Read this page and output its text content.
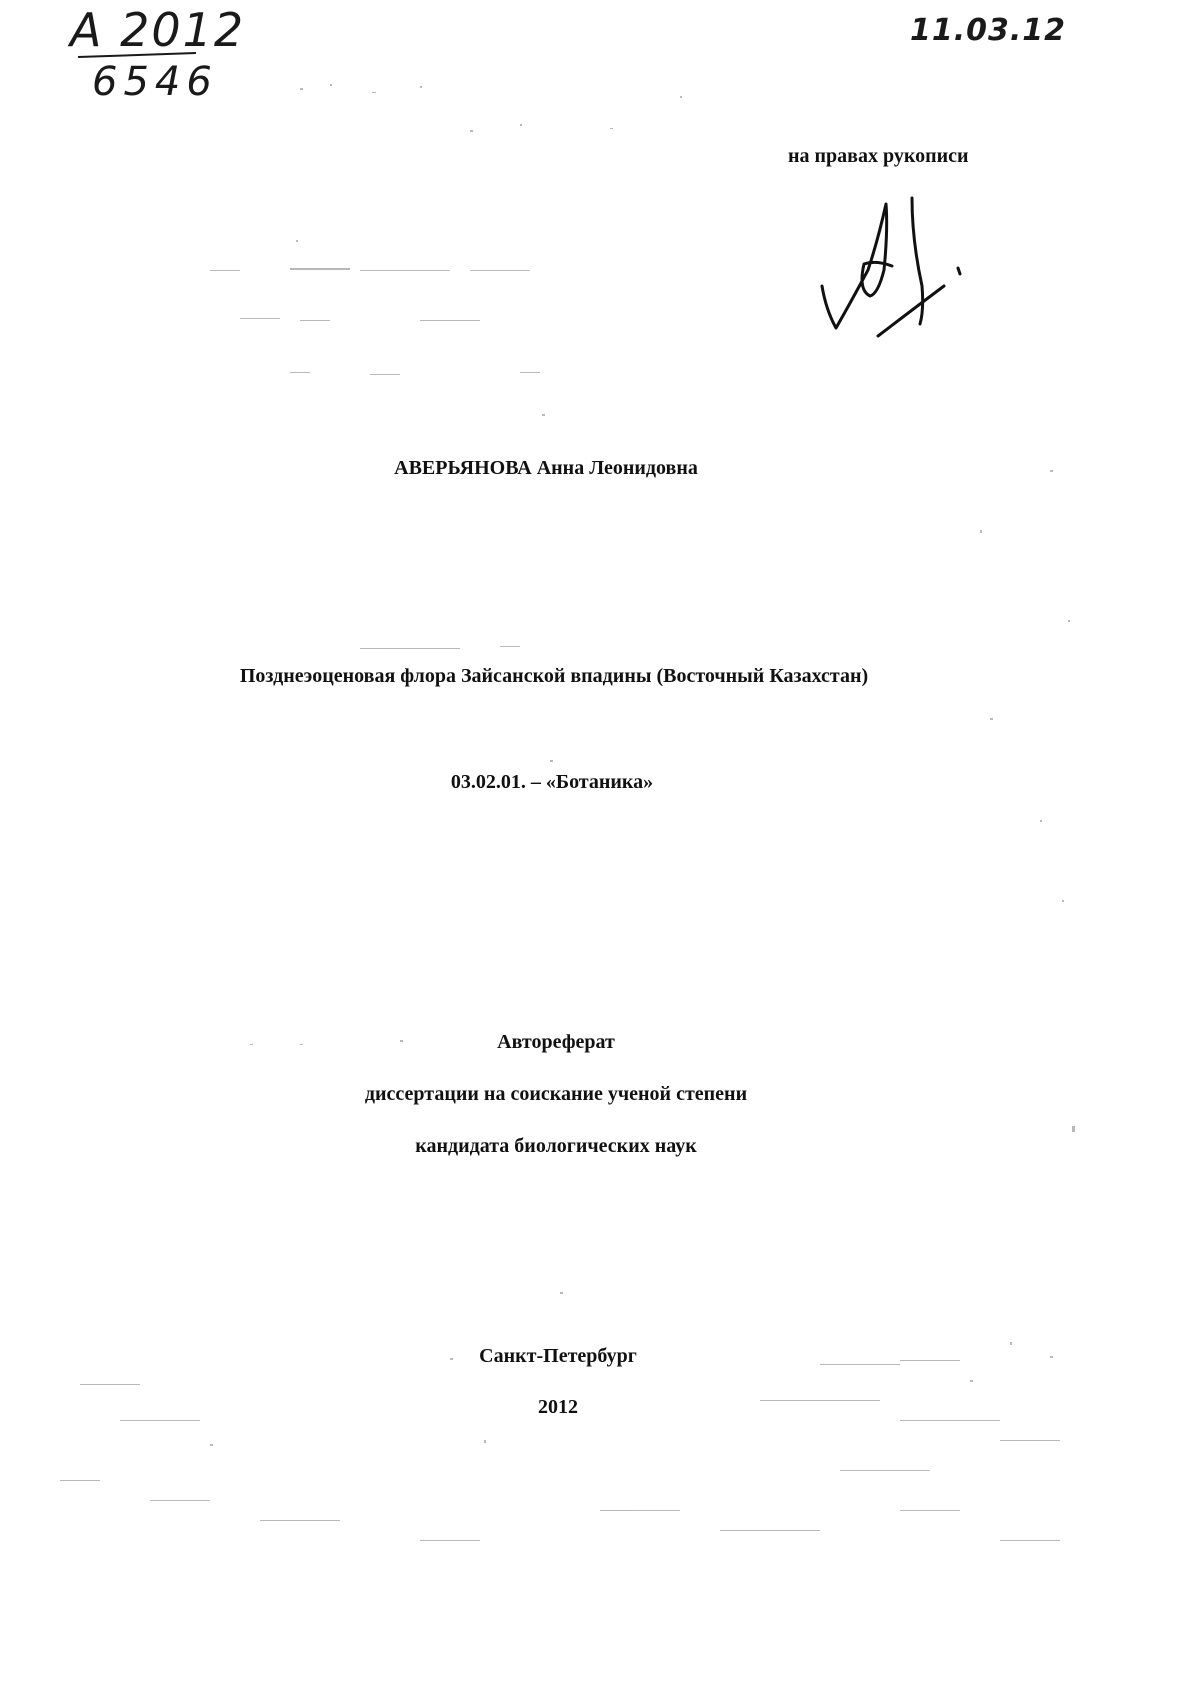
A 2012
6546
11.03.12
на правах рукописи
АВЕРЬЯНОВА Анна Леонидовна
Позднеэоценовая флора Зайсанской впадины (Восточный Казахстан)
03.02.01. – «Ботаника»
Автореферат
диссертации на соискание ученой степени
кандидата биологических наук
Санкт-Петербург
2012
